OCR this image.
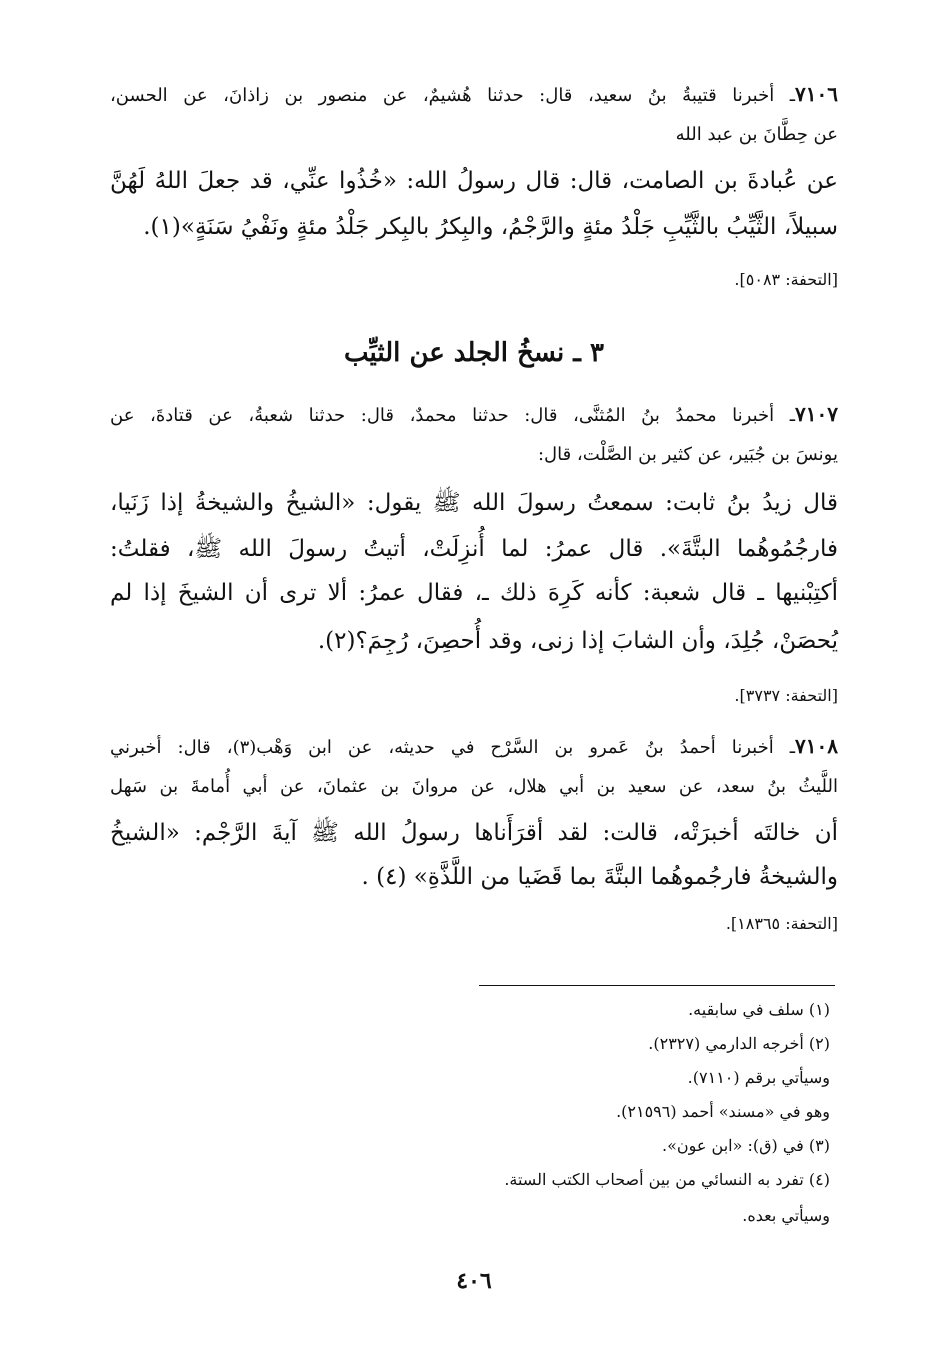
٧١٠٦ـ أخبرنا قتيبةُ بنُ سعيد، قال: حدثنا هُشيمٌ، عن منصور بن زاذانَ، عن الحسن،
عن حِطَّانَ بن عبد الله
عن عُبادةَ بن الصامت، قال: قال رسولُ الله: «خُذُوا عنِّي، قد جعلَ اللهُ لَهُنَّ
سبيلاً، الثَّيِّبُ بالثَّيِّبِ جَلْدُ مئةٍ والرَّجْمُ، والبِكرُ بالبِكر جَلْدُ مئةٍ ونَفْيُ سَنَةٍ»(١).
[التحفة: ٥٠٨٣].
٣ ـ نسخُ الجلد عن الثيِّب
٧١٠٧ـ أخبرنا محمدُ بنُ المُثنَّى، قال: حدثنا محمدٌ، قال: حدثنا شعبةُ، عن قتادةَ، عن
يونسَ بن جُبَير، عن كثير بن الصَّلْت، قال:
قال زيدُ بنُ ثابت: سمعتُ رسولَ الله ﷺ يقول: «الشيخُ والشيخةُ إذا زَنَيا،
فارجُمُوهُما البتَّةَ». قال عمرُ: لما أُنزِلَتْ، أتيتُ رسولَ الله ﷺ، فقلتُ:
أكتِبْنيها ـ قال شعبة: كأنه كَرِهَ ذلك ـ، فقال عمرُ: ألا ترى أن الشيخَ إذا لم
يُحصَنْ، جُلِدَ، وأن الشابَ إذا زنى، وقد أُحصِنَ، رُجِمَ؟(٢).
[التحفة: ٣٧٣٧].
٧١٠٨ـ أخبرنا أحمدُ بنُ عَمرو بن السَّرْح في حديثه، عن ابن وَهْب(٣)، قال: أخبرني
اللَّيثُ بنُ سعد، عن سعيد بن أبي هلال، عن مروانَ بن عثمانَ، عن أبي أُمامةَ بن سَهل
أن خالتَه أخبرَتْه، قالت: لقد أقرَأَناها رسولُ الله ﷺ آيةَ الرَّجْم: «الشيخُ
والشيخةُ فارجُموهُما البتَّةَ بما قَضَيا من اللَّذَّةِ» (٤) .
[التحفة: ١٨٣٦٥].
(١) سلف في سابقيه.
(٢) أخرجه الدارمي (٢٣٢٧).
وسيأتي برقم (٧١١٠).
وهو في «مسند» أحمد (٢١٥٩٦).
(٣) في (ق): «ابن عون».
(٤) تفرد به النسائي من بين أصحاب الكتب الستة.
وسيأتي بعده.
٤٠٦
